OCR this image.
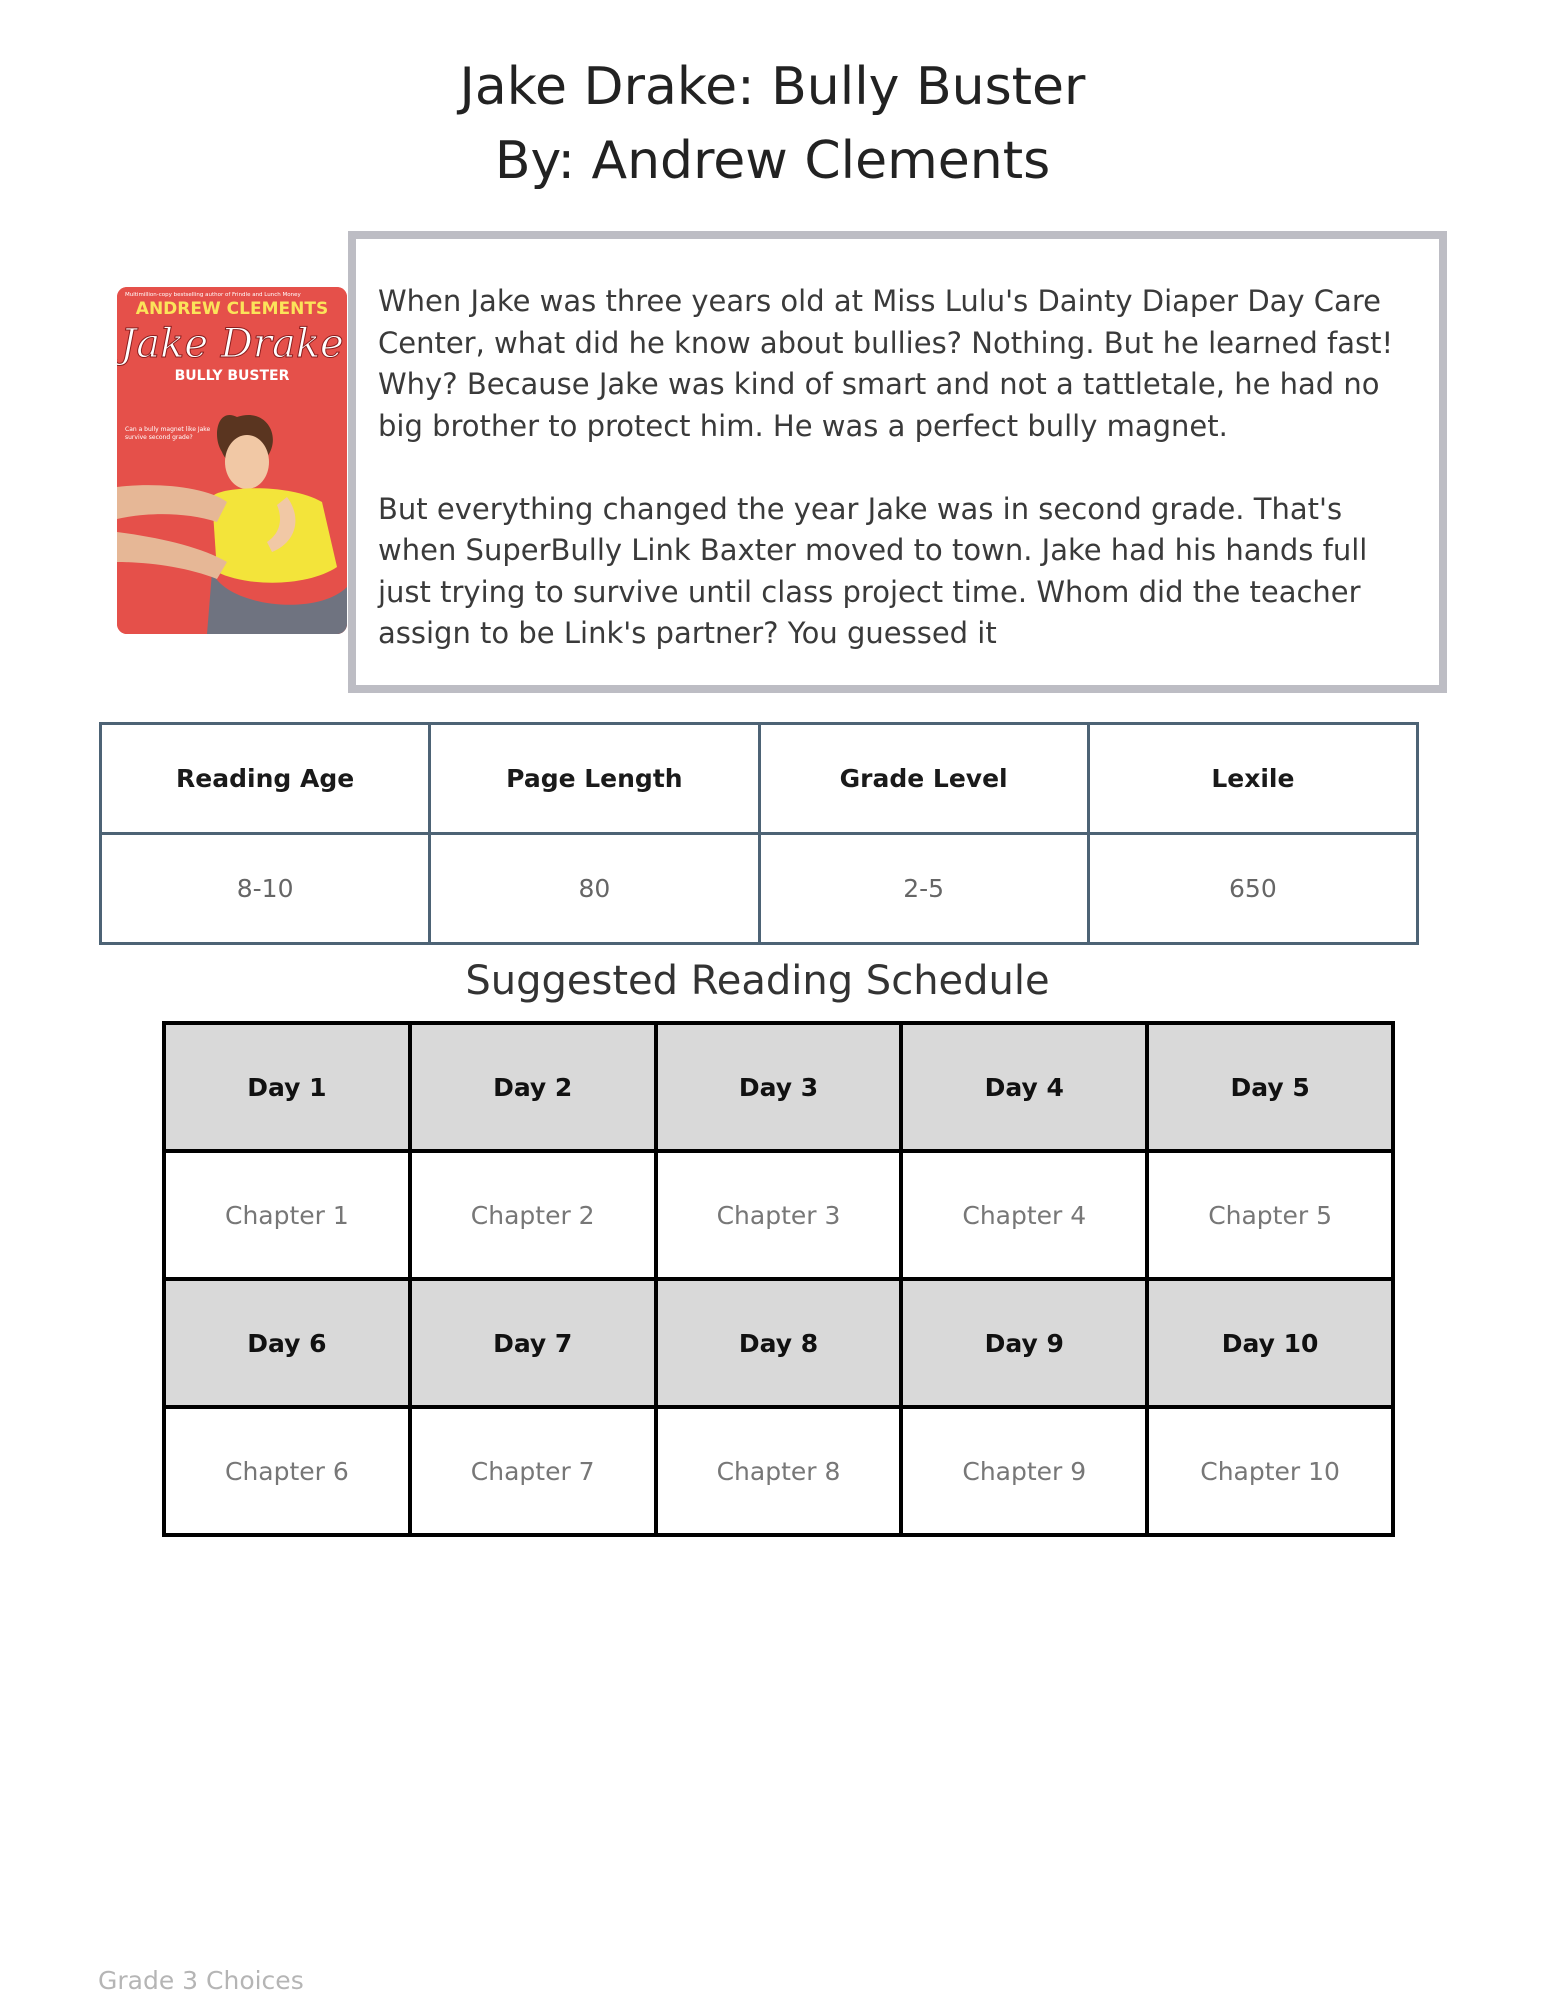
Jake Drake: Bully Buster
By: Andrew Clements
Multimillion-copy bestselling author of Frindle and Lunch Money
ANDREW CLEMENTS
Jake Drake
BULLY BUSTER
Can a bully magnet like Jake
survive second grade?

When Jake was three years old at Miss Lulu's Dainty Diaper Day Care Center, what did he know about bullies? Nothing. But he learned fast! Why? Because Jake was kind of smart and not a tattletale, he had no big brother to protect him. He was a perfect bully magnet.

But everything changed the year Jake was in second grade. That's when SuperBully Link Baxter moved to town. Jake had his hands full just trying to survive until class project time. Whom did the teacher assign to be Link's partner? You guessed it

Reading Age	Page Length	Grade Level	Lexile
8-10	80	2-5	650
Suggested Reading Schedule
Day 1	Day 2	Day 3	Day 4	Day 5
Chapter 1	Chapter 2	Chapter 3	Chapter 4	Chapter 5
Day 6	Day 7	Day 8	Day 9	Day 10
Chapter 6	Chapter 7	Chapter 8	Chapter 9	Chapter 10
Grade 3 Choices
